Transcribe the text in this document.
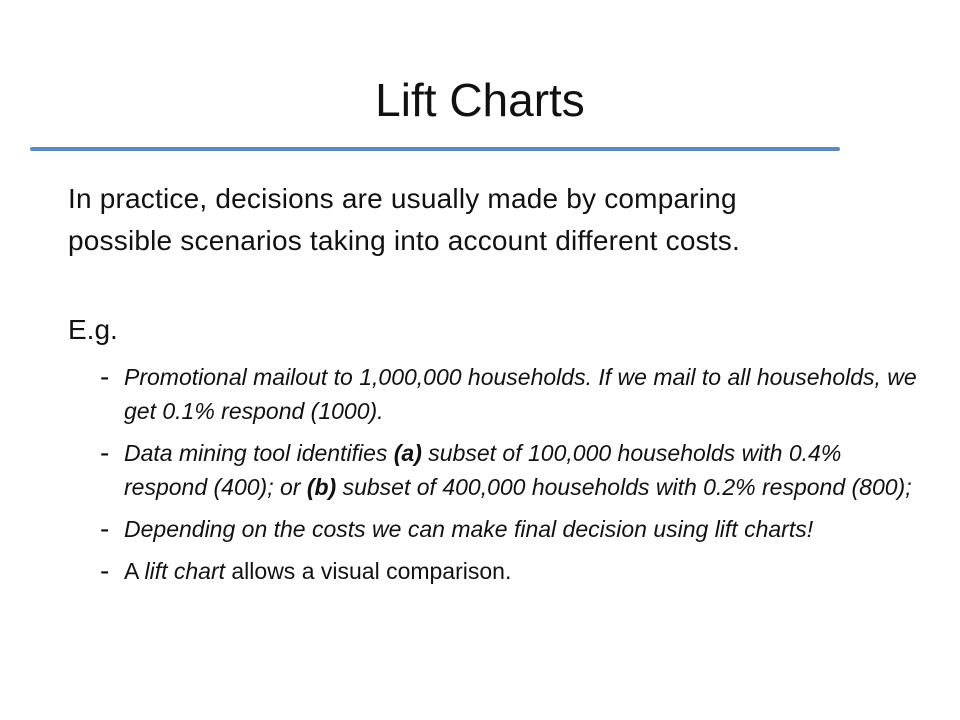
Lift Charts
In practice, decisions are usually made by comparing
possible scenarios taking into account different costs.
E.g.
- Promotional mailout to 1,000,000 households. If we mail to all households, we get 0.1% respond (1000).
- Data mining tool identifies (a) subset of 100,000 households with 0.4% respond (400); or (b) subset of 400,000 households with 0.2% respond (800);
- Depending on the costs we can make final decision using lift charts!
- A lift chart allows a visual comparison.
